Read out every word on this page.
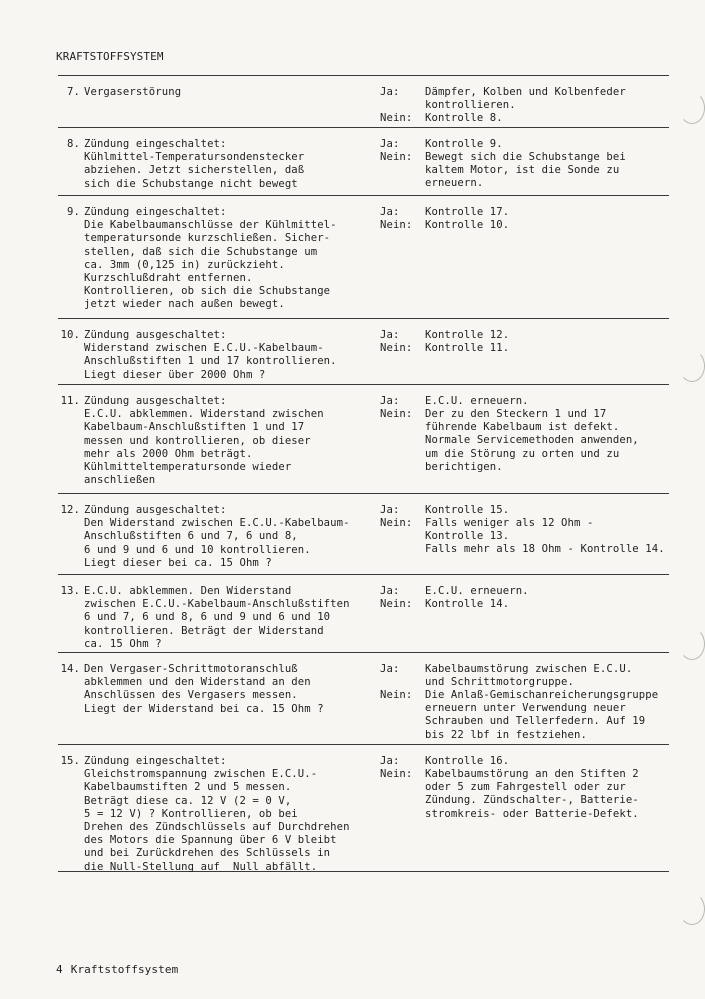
KRAFTSTOFFSYSTEM
7. Vergaserstörung	Ja: Dämpfer, Kolben und Kolbenfeder
kontrollieren.
Nein: Kontrolle 8.
8. Zündung eingeschaltet:
Kühlmittel-Temperatursondenstecker
abziehen. Jetzt sicherstellen, daß
sich die Schubstange nicht bewegt
Ja: Kontrolle 9.
Nein: Bewegt sich die Schubstange bei
kaltem Motor, ist die Sonde zu
erneuern.
9. Zündung eingeschaltet:
Die Kabelbaumanschlüsse der Kühlmittel-
temperatursonde kurzschließen. Sicher-
stellen, daß sich die Schubstange um
ca. 3mm (0,125 in) zurückzieht.
Kurzschlußdraht entfernen.
Kontrollieren, ob sich die Schubstange
jetzt wieder nach außen bewegt.
Ja: Kontrolle 17.
Nein: Kontrolle 10.
10. Zündung ausgeschaltet:
Widerstand zwischen E.C.U.-Kabelbaum-
Anschlußstiften 1 und 17 kontrollieren.
Liegt dieser über 2000 Ohm ?
Ja: Kontrolle 12.
Nein: Kontrolle 11.
11. Zündung ausgeschaltet:
E.C.U. abklemmen. Widerstand zwischen
Kabelbaum-Anschlußstiften 1 und 17
messen und kontrollieren, ob dieser
mehr als 2000 Ohm beträgt.
Kühlmitteltemperatursonde wieder
anschließen
Ja: E.C.U. erneuern.
Nein: Der zu den Steckern 1 und 17
führende Kabelbaum ist defekt.
Normale Servicemethoden anwenden,
um die Störung zu orten und zu
berichtigen.
12. Zündung ausgeschaltet:
Den Widerstand zwischen E.C.U.-Kabelbaum-
Anschlußstiften 6 und 7, 6 und 8,
6 und 9 und 6 und 10 kontrollieren.
Liegt dieser bei ca. 15 Ohm ?
Ja: Kontrolle 15.
Nein: Falls weniger als 12 Ohm -
Kontrolle 13.
Falls mehr als 18 Ohm - Kontrolle 14.
13. E.C.U. abklemmen. Den Widerstand
zwischen E.C.U.-Kabelbaum-Anschlußstiften
6 und 7, 6 und 8, 6 und 9 und 6 und 10
kontrollieren. Beträgt der Widerstand
ca. 15 Ohm ?
Ja: E.C.U. erneuern.
Nein: Kontrolle 14.
14. Den Vergaser-Schrittmotoranschluß
abklemmen und den Widerstand an den
Anschlüssen des Vergasers messen.
Liegt der Widerstand bei ca. 15 Ohm ?
Ja: Kabelbaumstörung zwischen E.C.U.
und Schrittmotorgruppe.
Nein: Die Anlaß-Gemischanreicherungsgruppe
erneuern unter Verwendung neuer
Schrauben und Tellerfedern. Auf 19
bis 22 lbf in festziehen.
15. Zündung eingeschaltet:
Gleichstromspannung zwischen E.C.U.-
Kabelbaumstiften 2 und 5 messen.
Beträgt diese ca. 12 V (2 = 0 V,
5 = 12 V) ? Kontrollieren, ob bei
Drehen des Zündschlüssels auf Durchdrehen
des Motors die Spannung über 6 V bleibt
und bei Zurückdrehen des Schlüssels in
die Null-Stellung auf  Null abfällt.
Ja: Kontrolle 16.
Nein: Kabelbaumstörung an den Stiften 2
oder 5 zum Fahrgestell oder zur
Zündung. Zündschalter-, Batterie-
stromkreis- oder Batterie-Defekt.
4 Kraftstoffsystem
